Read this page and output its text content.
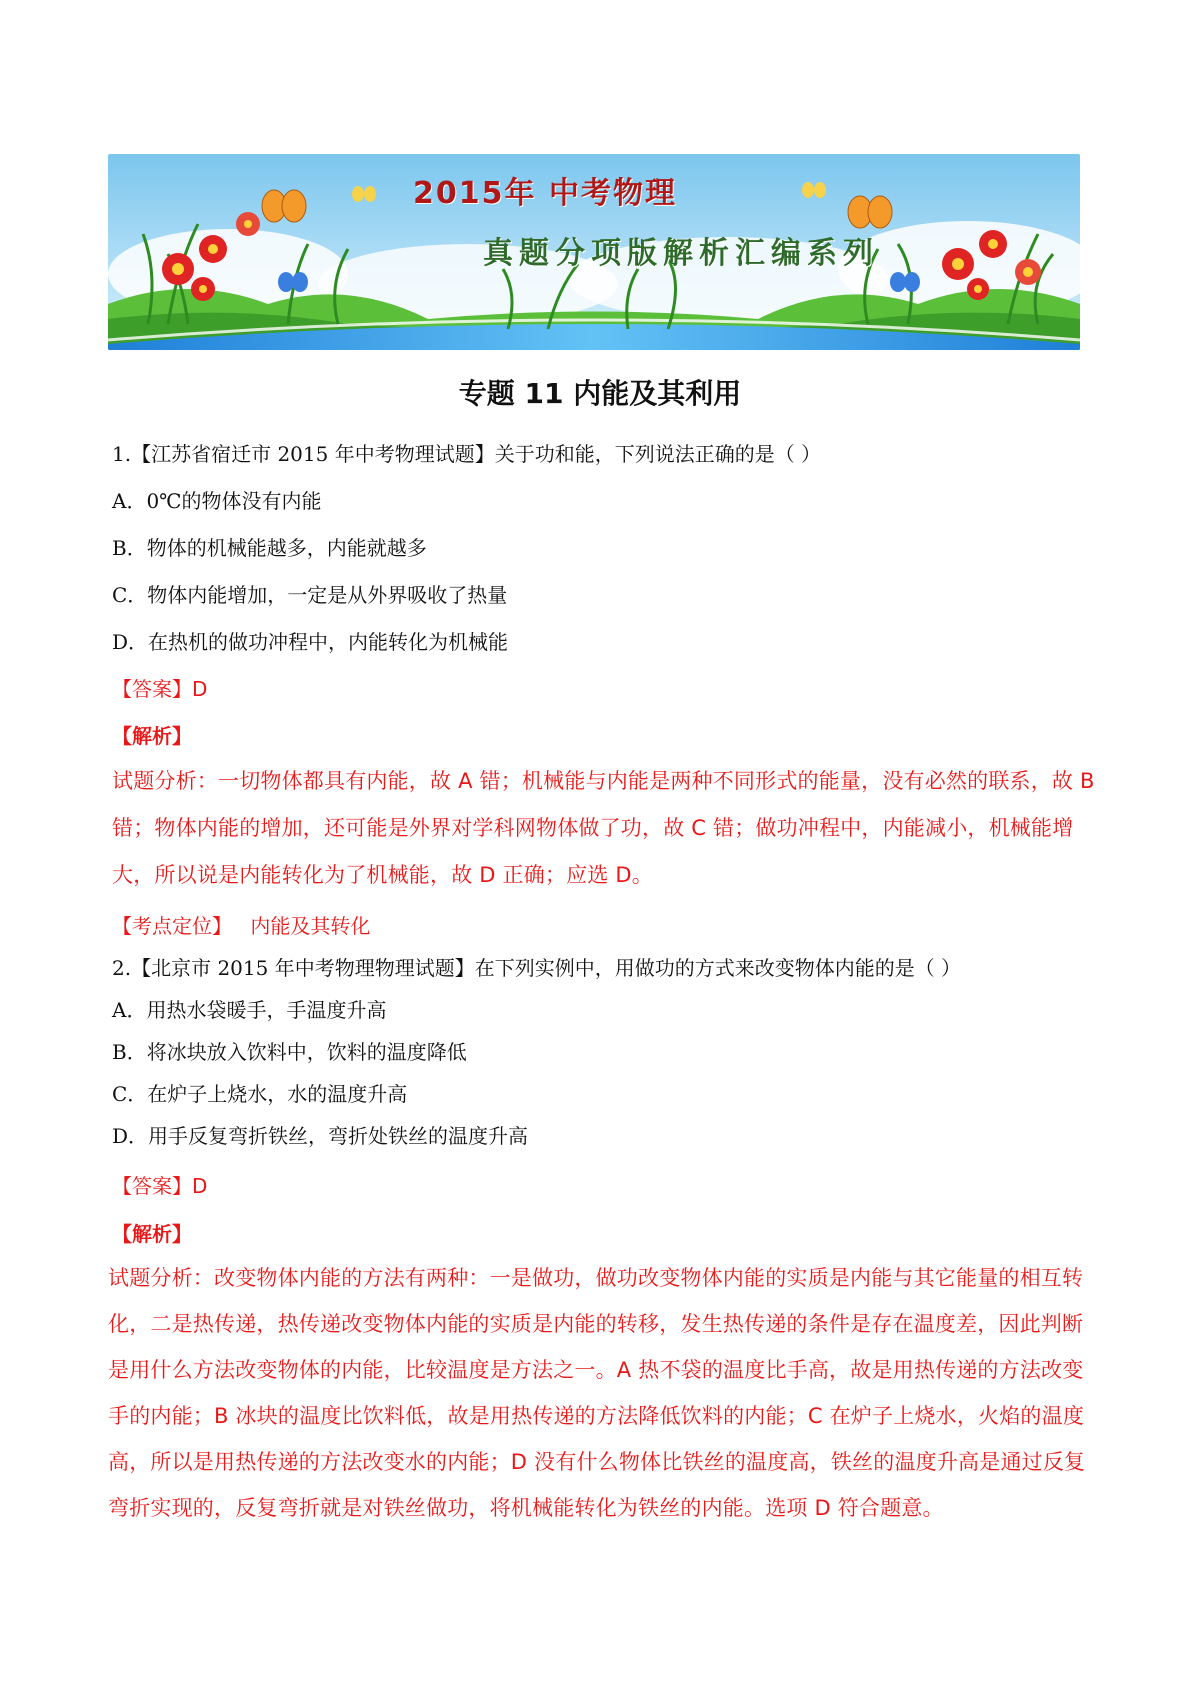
2015年 中考物理
真题分项版解析汇编系列
专题 11 内能及其利用
1.【江苏省宿迁市 2015 年中考物理试题】关于功和能，下列说法正确的是（ ）
A．0℃的物体没有内能
B．物体的机械能越多，内能就越多
C．物体内能增加，一定是从外界吸收了热量
D．在热机的做功冲程中，内能转化为机械能
【答案】D
【解析】
试题分析：一切物体都具有内能，故 A 错；机械能与内能是两种不同形式的能量，没有必然的联系，故 B 错；物体内能的增加，还可能是外界对学科网物体做了功，故 C 错；做功冲程中，内能减小，机械能增大，所以说是内能转化为了机械能，故 D 正确；应选 D。
【考点定位】 内能及其转化
2.【北京市 2015 年中考物理物理试题】在下列实例中，用做功的方式来改变物体内能的是（ ）
A．用热水袋暖手，手温度升高
B．将冰块放入饮料中，饮料的温度降低
C．在炉子上烧水，水的温度升高
D．用手反复弯折铁丝，弯折处铁丝的温度升高
【答案】D
【解析】
试题分析：改变物体内能的方法有两种：一是做功，做功改变物体内能的实质是内能与其它能量的相互转化，二是热传递，热传递改变物体内能的实质是内能的转移，发生热传递的条件是存在温度差，因此判断是用什么方法改变物体的内能，比较温度是方法之一。A 热不袋的温度比手高，故是用热传递的方法改变手的内能；B 冰块的温度比饮料低，故是用热传递的方法降低饮料的内能；C 在炉子上烧水，火焰的温度高，所以是用热传递的方法改变水的内能；D 没有什么物体比铁丝的温度高，铁丝的温度升高是通过反复弯折实现的，反复弯折就是对铁丝做功，将机械能转化为铁丝的内能。选项 D 符合题意。
